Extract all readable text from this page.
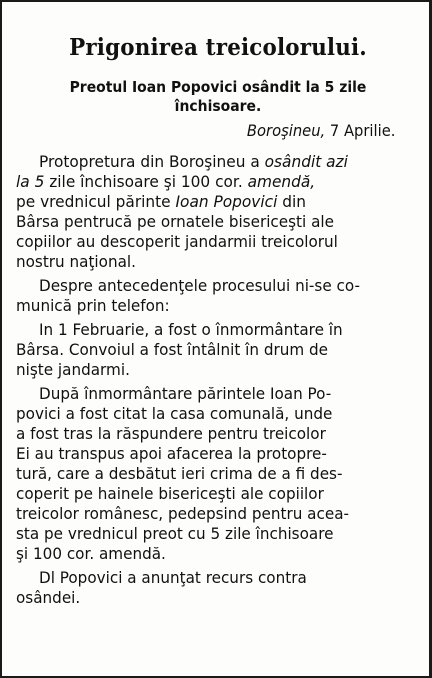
Prigonirea treicolorului.
Preotul Ioan Popovici osândit la 5 zile
închisoare.
Boroşineu, 7 Aprilie.
Protopretura din Boroşineu a osândit azi
la 5 zile închisoare şi 100 cor. amendă,
pe vrednicul părinte Ioan Popovici din
Bârsa pentrucă pe ornatele bisericeşti ale
copiilor au descoperit jandarmii treicolorul
nostru naţional.
Despre antecedenţele procesului ni-se co-
munică prin telefon:
In 1 Februarie, a fost o înmormântare în
Bârsa. Convoiul a fost întâlnit în drum de
nişte jandarmi.
După înmormântare părintele Ioan Po-
povici a fost citat la casa comunală, unde
a fost tras la răspundere pentru treicolor
Ei au transpus apoi afacerea la protopre-
tură, care a desbătut ieri crima de a fi des-
coperit pe hainele bisericeşti ale copiilor
treicolor românesc, pedepsind pentru acea-
sta pe vrednicul preot cu 5 zile închisoare
şi 100 cor. amendă.
Dl Popovici a anunţat recurs contra
osândei.
